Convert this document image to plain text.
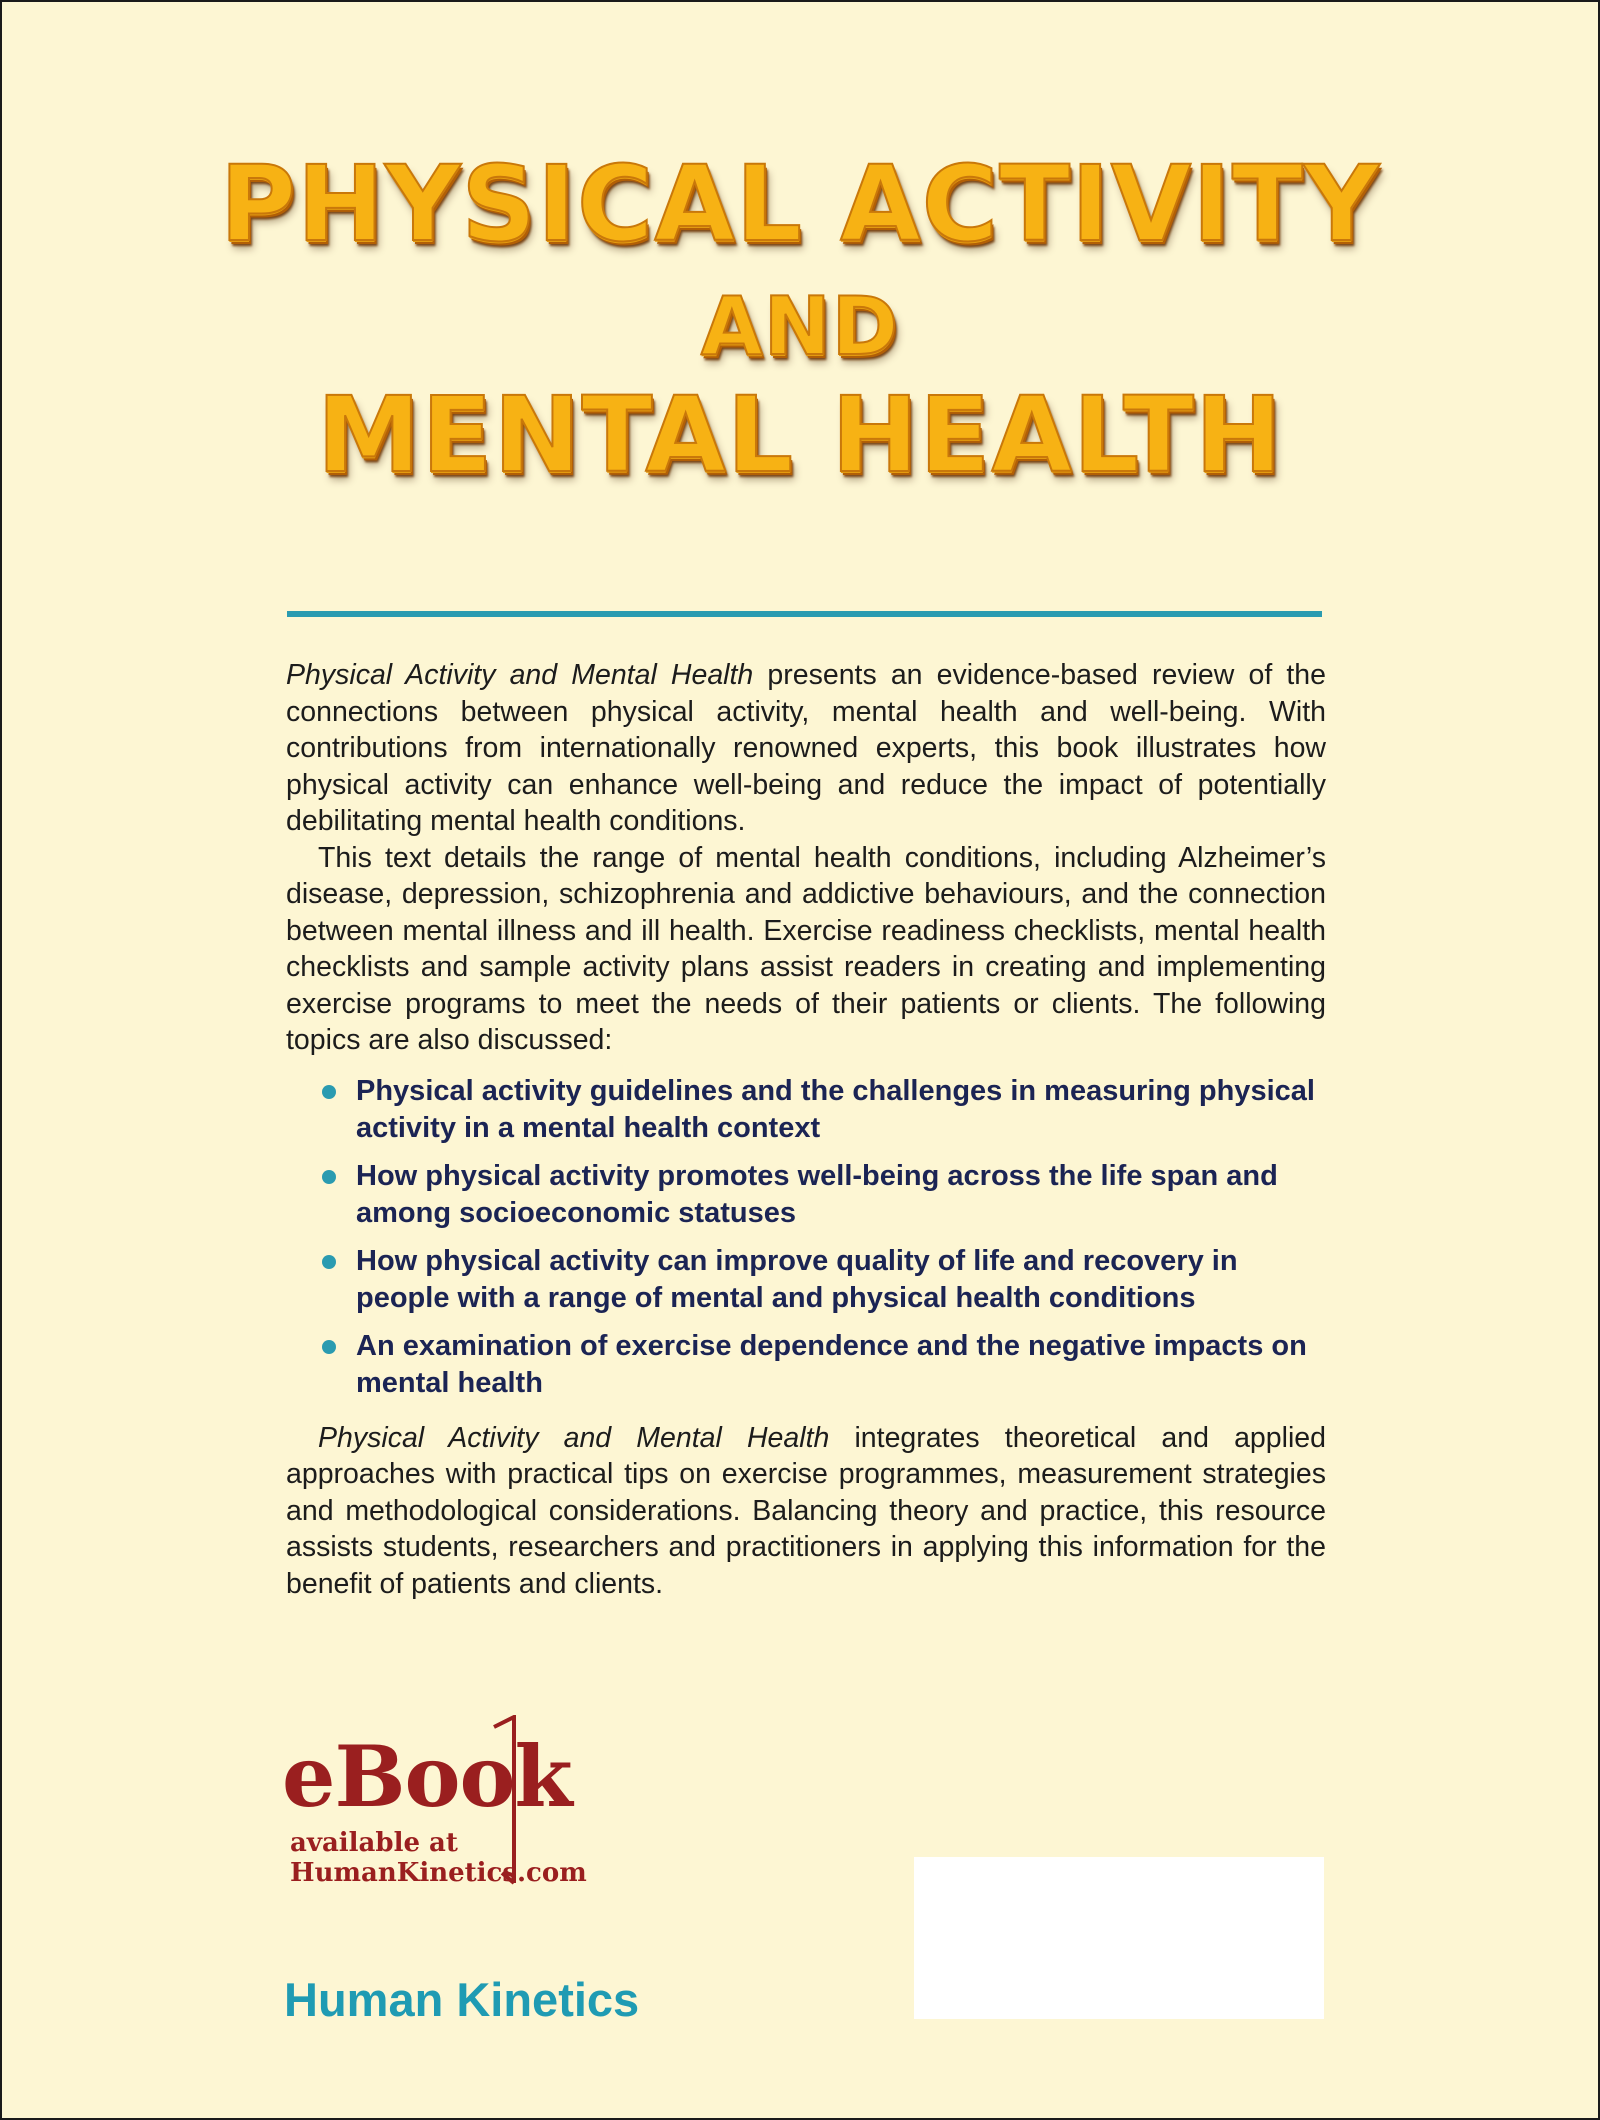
PHYSICAL ACTIVITY
AND
MENTAL HEALTH

Physical Activity and Mental Health presents an evidence-based review of the connections between physical activity, mental health and well-being. With contributions from internationally renowned experts, this book illustrates how physical activity can enhance well-being and reduce the impact of potentially debilitating mental health conditions.

This text details the range of mental health conditions, including Alzheimer’s disease, depression, schizophrenia and addictive behaviours, and the connection between mental illness and ill health. Exercise readiness checklists, mental health checklists and sample activity plans assist readers in creating and implementing exercise programs to meet the needs of their patients or clients. The following topics are also discussed:

Physical activity guidelines and the challenges in measuring physical activity in a mental health context
How physical activity promotes well-being across the life span and among socioeconomic statuses
How physical activity can improve quality of life and recovery in people with a range of mental and physical health conditions
An examination of exercise dependence and the negative impacts on mental health

Physical Activity and Mental Health integrates theoretical and applied approaches with practical tips on exercise programmes, measurement strategies and methodological considerations. Balancing theory and practice, this resource assists students, researchers and practitioners in applying this information for the benefit of patients and clients.

eBook
available at
HumanKinetics.com
Human Kinetics
